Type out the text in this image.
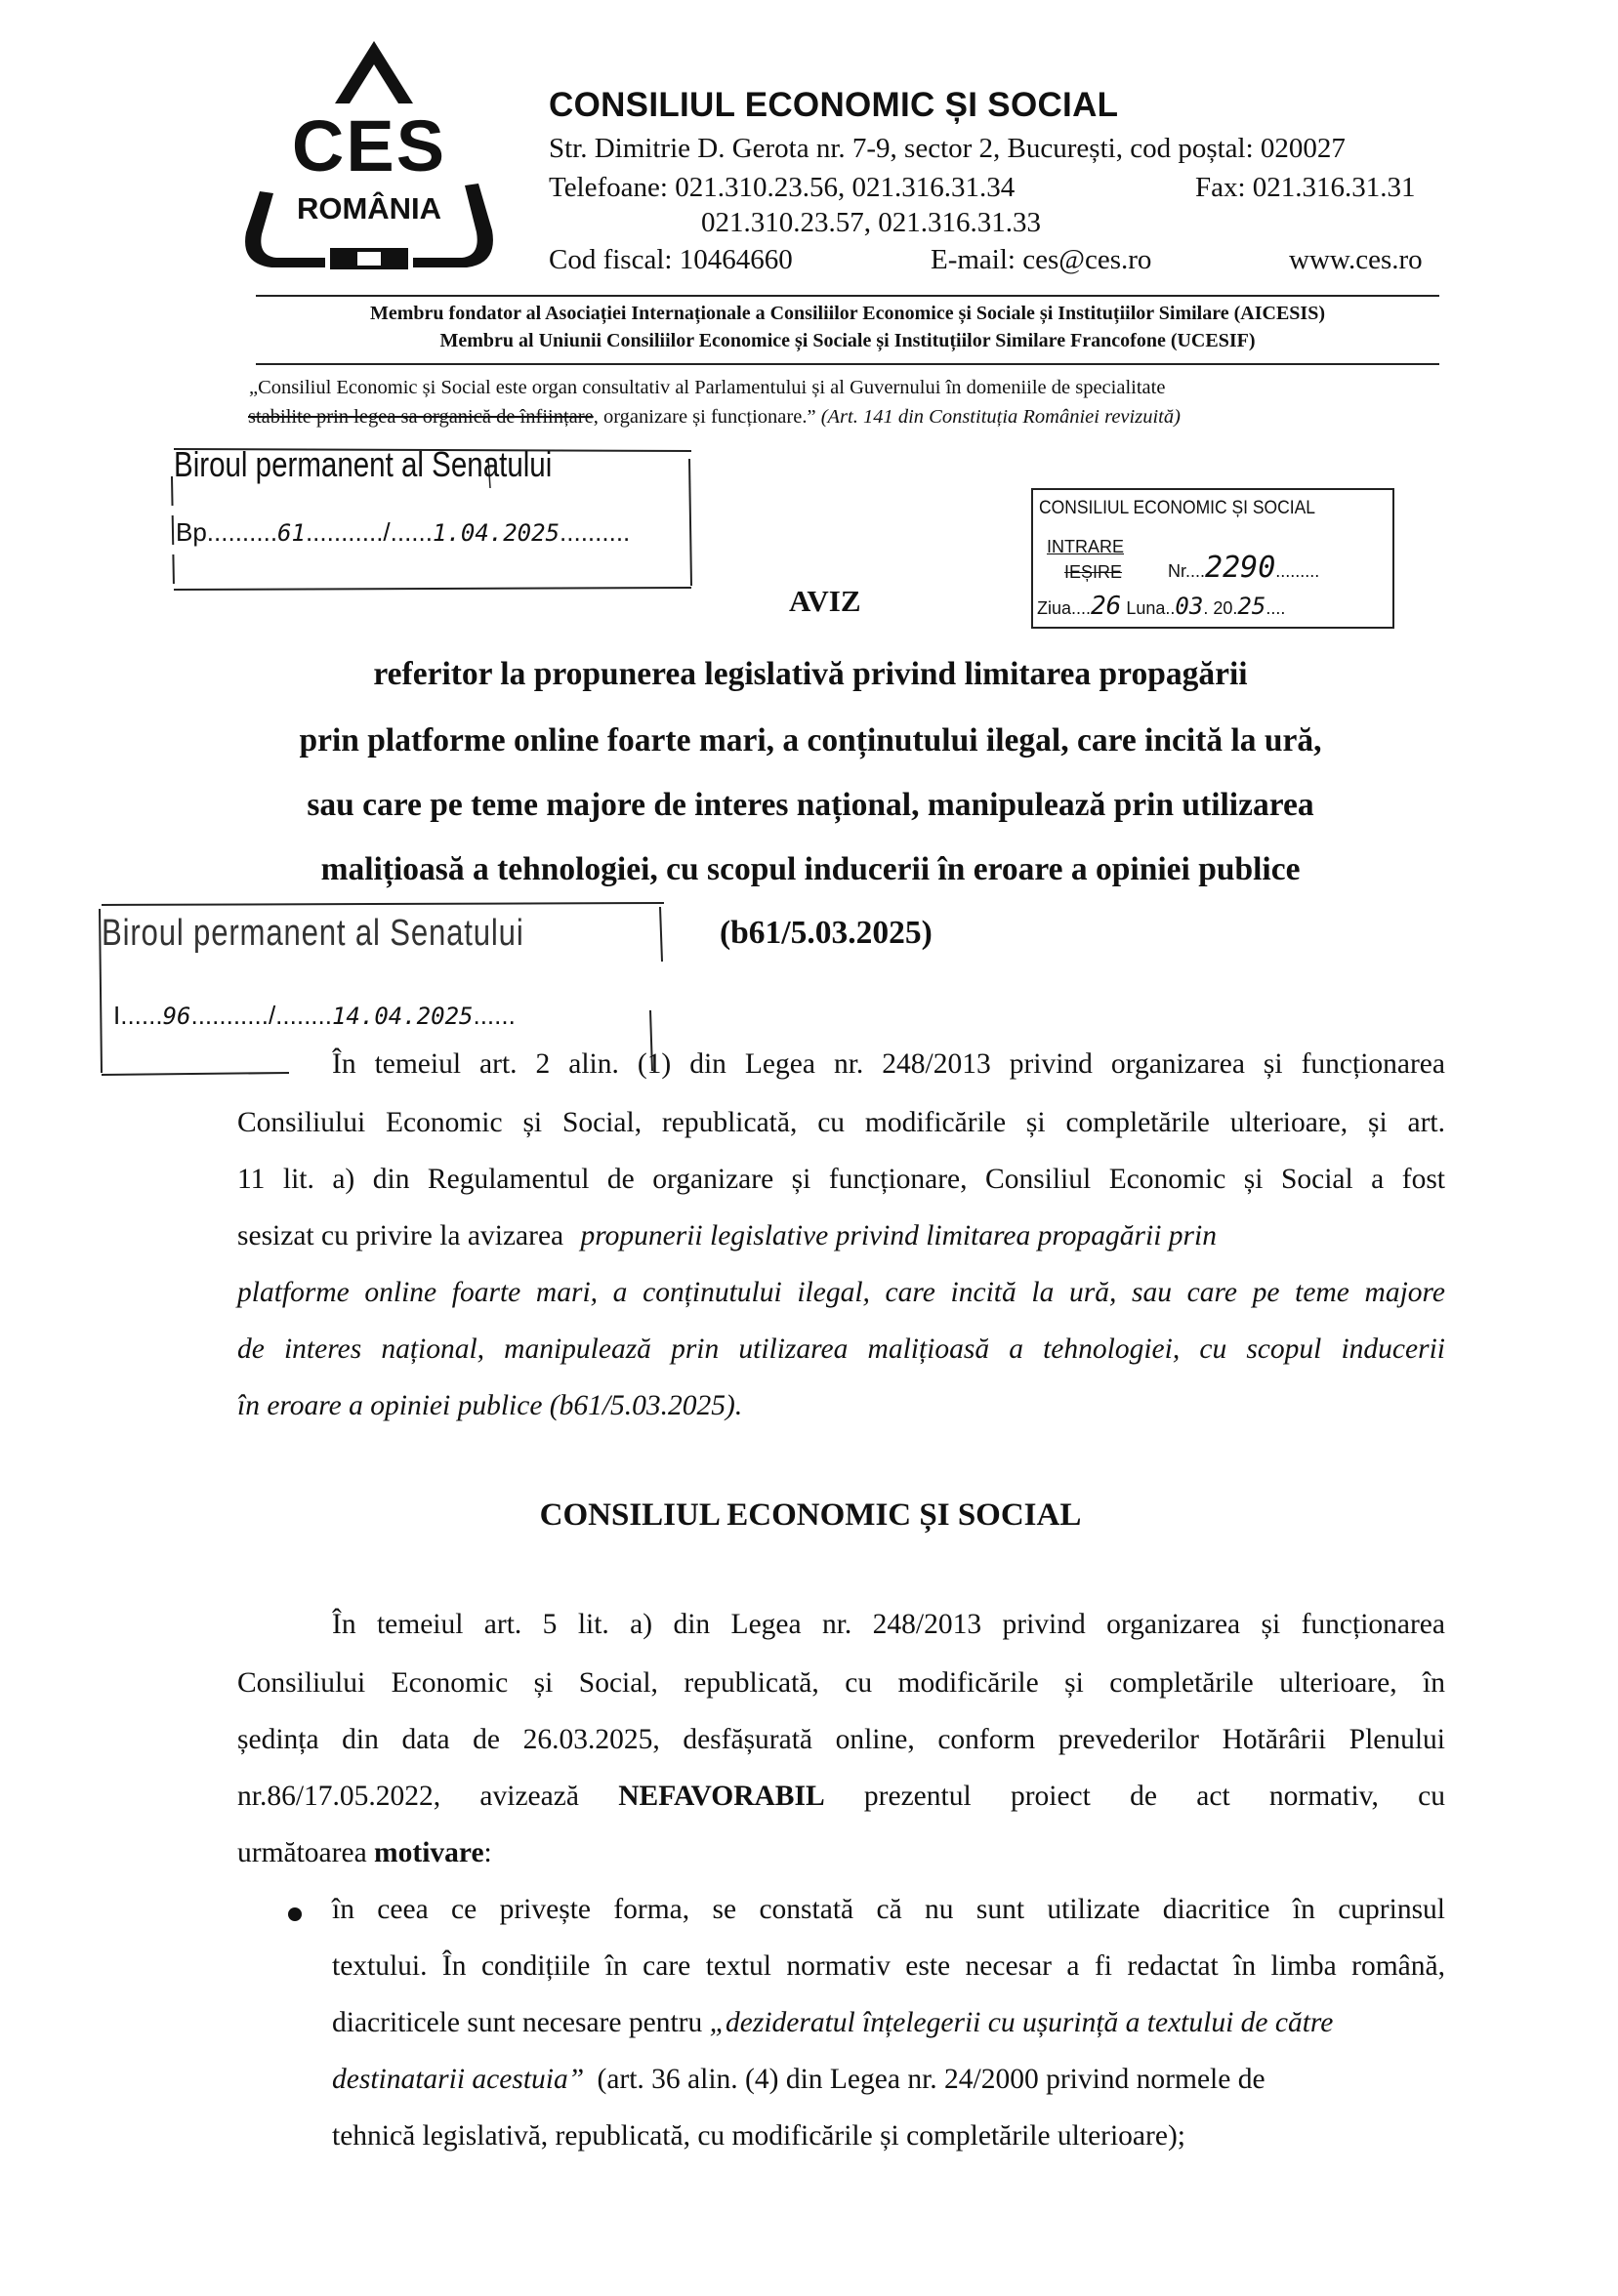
CES
ROMÂNIA
CONSILIUL ECONOMIC ȘI SOCIAL
Str. Dimitrie D. Gerota nr. 7-9, sector 2, București, cod poștal: 020027
Telefoane: 021.310.23.56, 021.316.31.34	Fax: 021.316.31.31
021.310.23.57, 021.316.31.33
Cod fiscal: 10464660	E-mail: ces@ces.ro	www.ces.ro
Membru fondator al Asociației Internaționale a Consiliilor Economice și Sociale și Instituțiilor Similare (AICESIS)
Membru al Uniunii Consiliilor Economice și Sociale și Instituțiilor Similare Francofone (UCESIF)
„Consiliul Economic și Social este organ consultativ al Parlamentului și al Guvernului în domeniile de specialitate
stabilite prin legea sa organică de înființare, organizare și funcționare.” (Art. 141 din Constituția României revizuită)
Biroul permanent al Senatului
Bp..........61.........../......1.04.2025..........
CONSILIUL ECONOMIC ȘI SOCIAL
INTRARE
IEȘIRE	Nr....2290.........
Ziua....26 Luna..03. 20.25....
AVIZ
referitor la propunerea legislativă privind limitarea propagării
prin platforme online foarte mari, a conținutului ilegal, care incită la ură,
sau care pe teme majore de interes național, manipulează prin utilizarea
malițioasă a tehnologiei, cu scopul inducerii în eroare a opiniei publice
(b61/5.03.2025)
Biroul permanent al Senatului
I......96.........../........14.04.2025......
În temeiul art. 2 alin. (1) din Legea nr. 248/2013 privind organizarea și funcționarea
Consiliului Economic și Social, republicată, cu modificările și completările ulterioare, și art.
11 lit. a) din Regulamentul de organizare și funcționare, Consiliul Economic și Social a fost
sesizat cu privire la avizarea propunerii legislative privind limitarea propagării prin
platforme online foarte mari, a conținutului ilegal, care incită la ură, sau care pe teme majore
de interes național, manipulează prin utilizarea malițioasă a tehnologiei, cu scopul inducerii
în eroare a opiniei publice (b61/5.03.2025).
CONSILIUL ECONOMIC ȘI SOCIAL
În temeiul art. 5 lit. a) din Legea nr. 248/2013 privind organizarea și funcționarea
Consiliului Economic și Social, republicată, cu modificările și completările ulterioare, în
ședința din data de 26.03.2025, desfășurată online, conform prevederilor Hotărârii Plenului
nr.86/17.05.2022, avizează NEFAVORABIL prezentul proiect de act normativ, cu
următoarea motivare:
în ceea ce privește forma, se constată că nu sunt utilizate diacritice în cuprinsul
textului. În condițiile în care textul normativ este necesar a fi redactat în limba română,
diacriticele sunt necesare pentru „dezideratul înțelegerii cu ușurință a textului de către
destinatarii acestuia” (art. 36 alin. (4) din Legea nr. 24/2000 privind normele de
tehnică legislativă, republicată, cu modificările și completările ulterioare);
